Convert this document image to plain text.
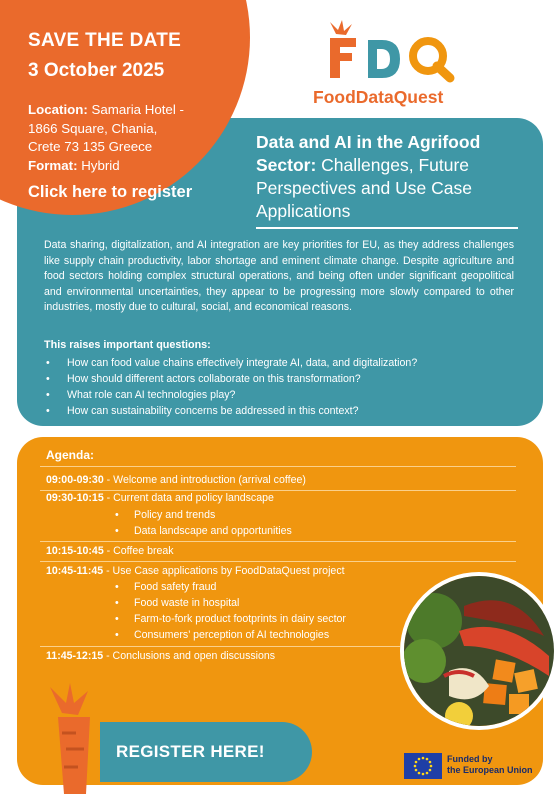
SAVE THE DATE
3 October 2025
Location: Samaria Hotel -
1866 Square, Chania,
Crete 73 135 Greece
Format: Hybrid
Click here to register
FoodDataQuest
Data and AI in the Agrifood Sector: Challenges, Future Perspectives and Use Case Applications
Data sharing, digitalization, and AI integration are key priorities for EU, as they address challenges like supply chain productivity, labor shortage and eminent climate change. Despite agriculture and food sectors holding complex structural operations, and being often under significant geopolitical and environmental uncertainties, they appear to be progressing more slowly compared to other industries, mostly due to cultural, social, and economical reasons.
This raises important questions:
• How can food value chains effectively integrate AI, data, and digitalization?
• How should different actors collaborate on this transformation?
• What role can AI technologies play?
• How can sustainability concerns be addressed in this context?
Agenda:
09:00-09:30 - Welcome and introduction (arrival coffee)
09:30-10:15 - Current data and policy landscape
• Policy and trends
• Data landscape and opportunities
10:15-10:45 - Coffee break
10:45-11:45 - Use Case applications by FoodDataQuest project
• Food safety fraud
• Food waste in hospital
• Farm-to-fork product footprints in dairy sector
• Consumers’ perception of AI technologies
11:45-12:15 - Conclusions and open discussions
REGISTER HERE!	Funded by
the European Union
